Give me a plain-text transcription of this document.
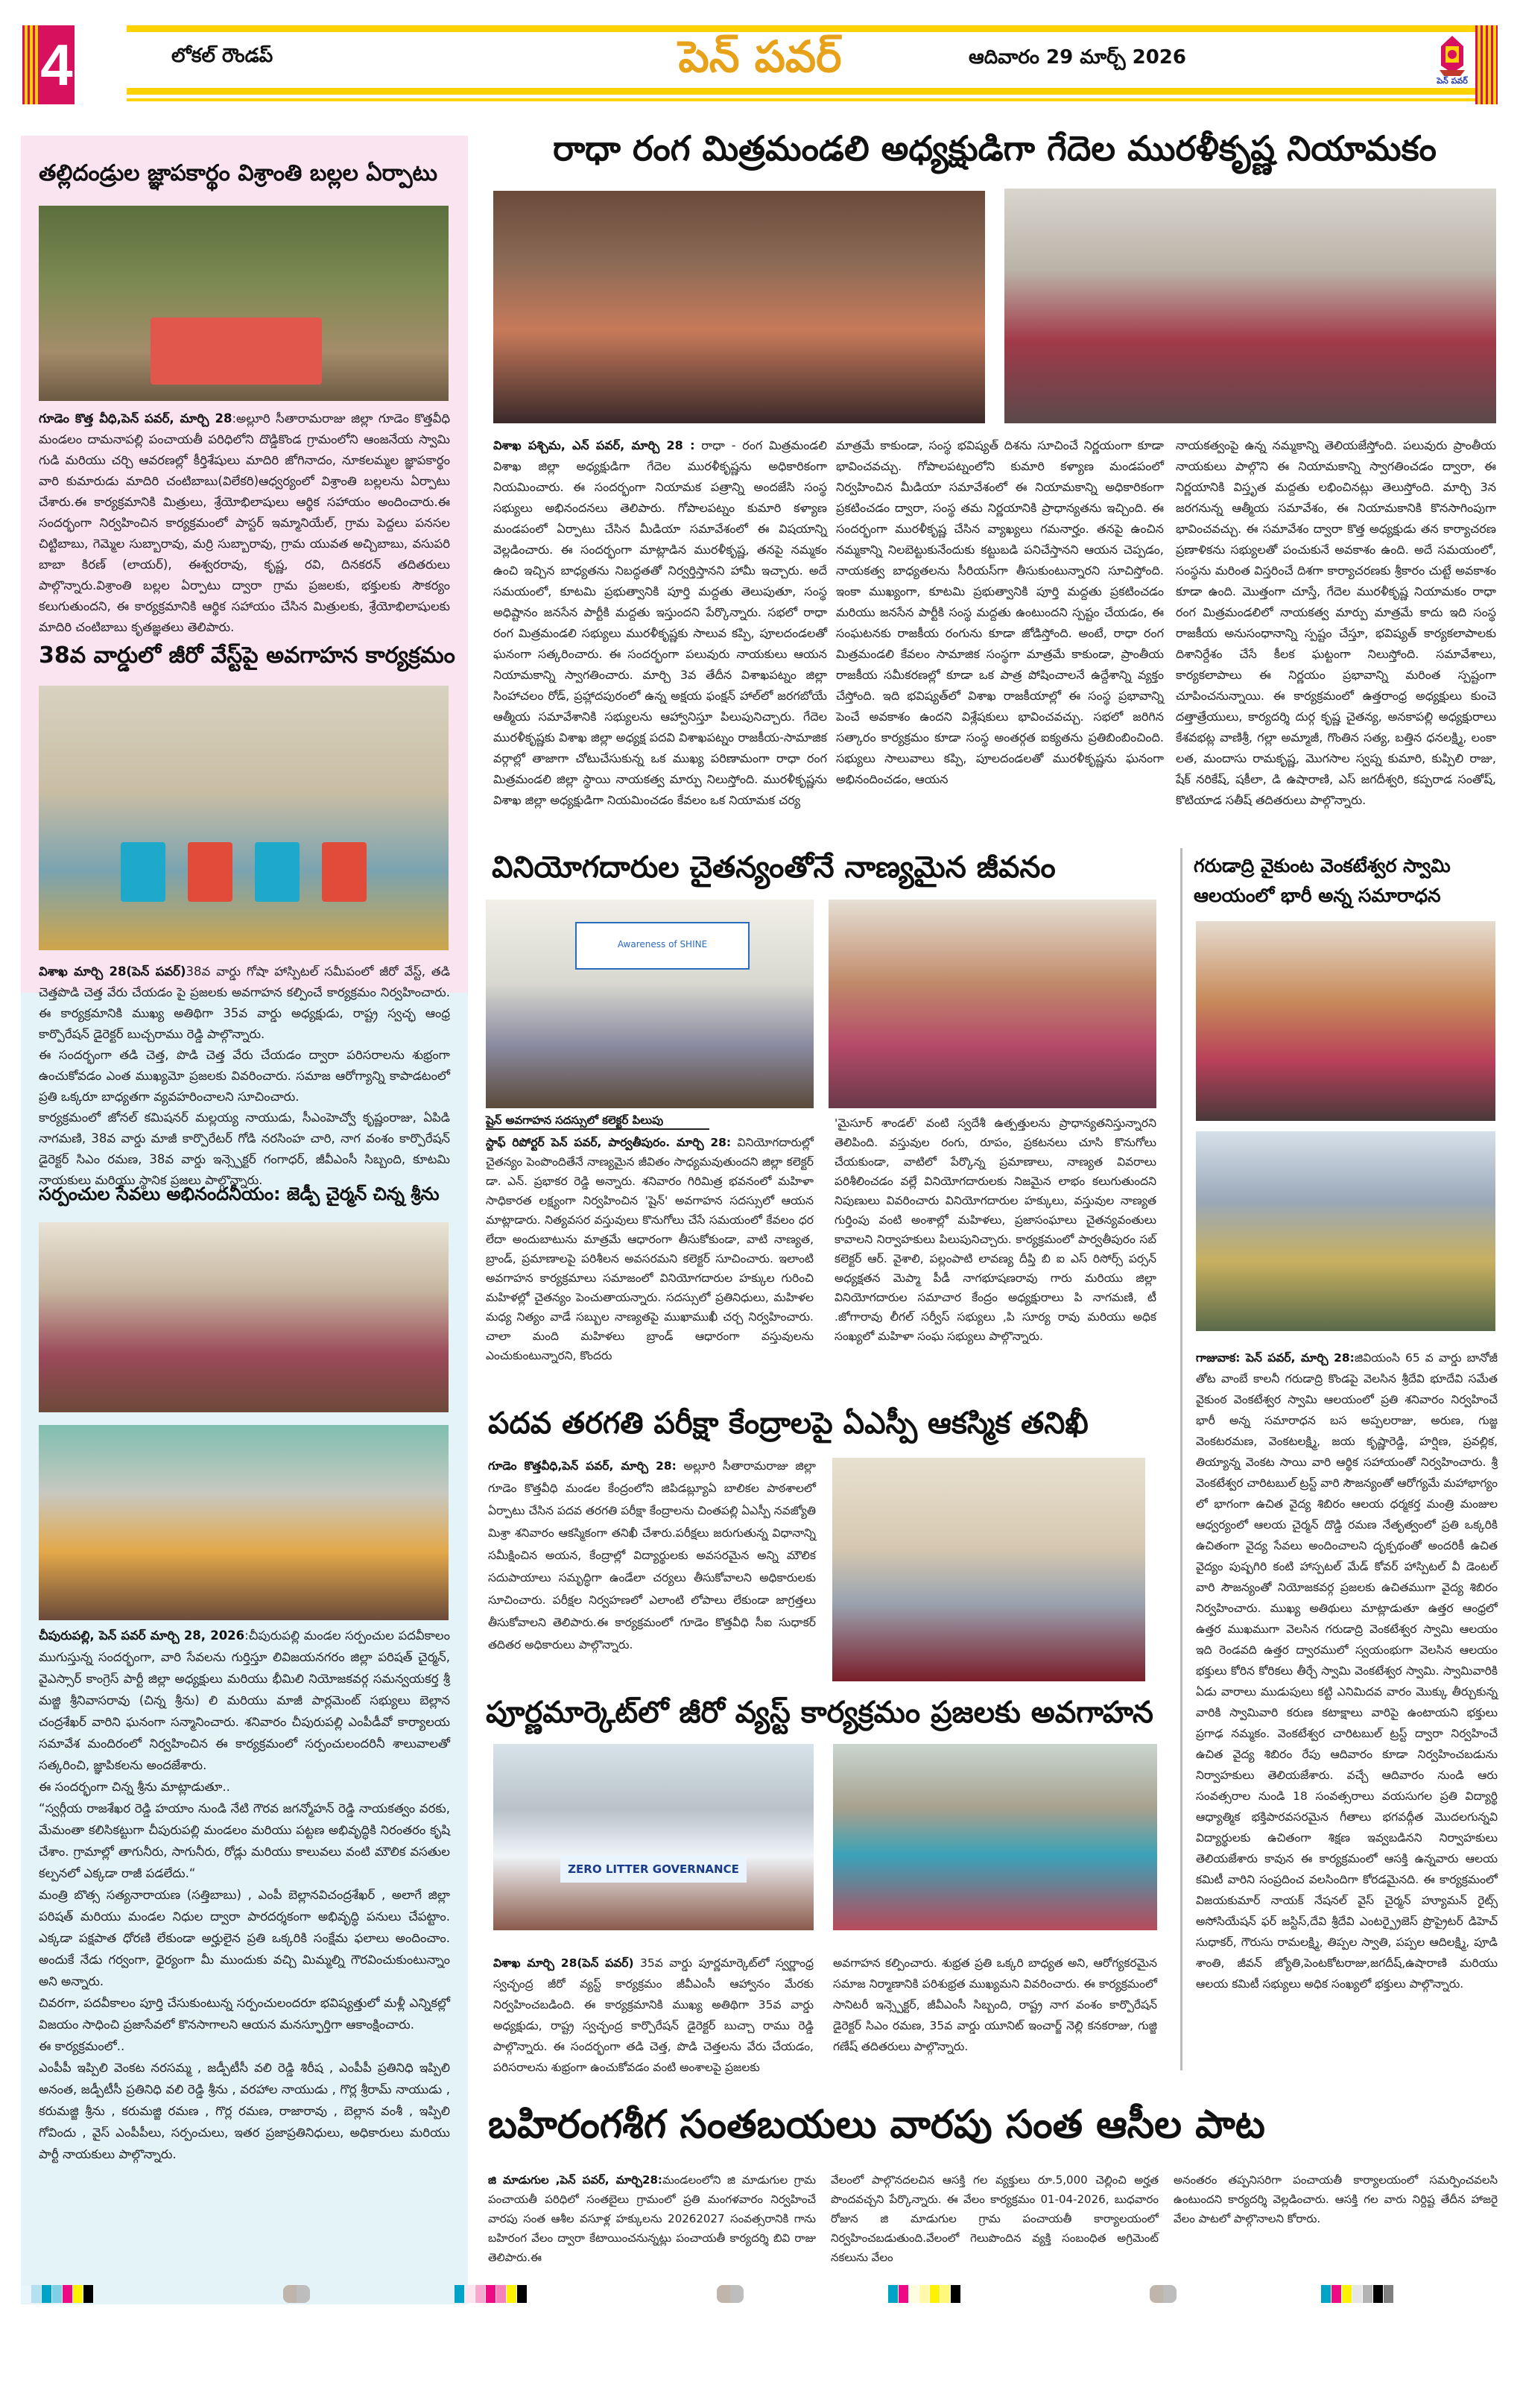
4	లోకల్ రౌండప్	పెన్ పవర్	ఆదివారం 29 మార్చ్ 2026
పెన్ పవర్
తల్లిదండ్రుల జ్ఞాపకార్థం విశ్రాంతి బల్లల ఏర్పాటు
గూడెం కొత్త వీధి,పెన్ పవర్, మార్చి 28:అల్లూరి సీతారామరాజు జిల్లా గూడెం కొత్తవీధి మండలం దామనాపల్లి పంచాయతీ పరిధిలోని దొడ్డికొండ గ్రామంలోని ఆంజనేయ స్వామి గుడి మరియు చర్చి ఆవరణల్లో కీర్తిశేషులు మాదిరి జోగినాదం, నూకలమ్మల జ్ఞాపకార్థం వారి కుమారుడు మాదిరి చంటిబాబు(విలేకరి)ఆధ్వర్యంలో విశ్రాంతి బల్లలను ఏర్పాటు చేశారు.ఈ కార్యక్రమానికి మిత్రులు, శ్రేయోభిలాషులు ఆర్థిక సహాయం అందించారు.ఈ సందర్భంగా నిర్వహించిన కార్యక్రమంలో పాస్టర్ ఇమ్మానియేల్, గ్రామ పెద్దలు పనసల చిట్టిబాబు, గెమ్మెల సుబ్బారావు, మర్రి సుబ్బారావు, గ్రామ యువత అచ్చిబాబు, వసుపరి బాబా కిరణ్ (లాయర్), ఈశ్వరరావు, కృష్ణ, రవి, దినకరన్ తదితరులు పాల్గొన్నారు.విశ్రాంతి బల్లల ఏర్పాటు ద్వారా గ్రామ ప్రజలకు, భక్తులకు సౌకర్యం కలుగుతుందని, ఈ కార్యక్రమానికి ఆర్థిక సహాయం చేసిన మిత్రులకు, శ్రేయోభిలాషులకు మాదిరి చంటిబాబు కృతజ్ఞతలు తెలిపారు.
38వ వార్డులో జీరో వేస్ట్‌పై అవగాహన కార్యక్రమం
విశాఖ మార్చి 28(పెన్ పవర్)38వ వార్డు గోషా హాస్పిటల్ సమీపంలో జీరో వేస్ట్, తడి చెత్తపొడి చెత్త వేరు చేయడం పై ప్రజలకు అవగాహన కల్పించే కార్యక్రమం నిర్వహించారు. ఈ కార్యక్రమానికి ముఖ్య అతిథిగా 35వ వార్డు అధ్యక్షుడు, రాష్ట్ర స్వచ్ఛ ఆంధ్ర కార్పొరేషన్ డైరెక్టర్ బుచ్చరాము రెడ్డి పాల్గొన్నారు.
ఈ సందర్భంగా తడి చెత్త, పొడి చెత్త వేరు చేయడం ద్వారా పరిసరాలను శుభ్రంగా ఉంచుకోవడం ఎంత ముఖ్యమో ప్రజలకు వివరించారు. సమాజ ఆరోగ్యాన్ని కాపాడటంలో ప్రతి ఒక్కరూ బాధ్యతగా వ్యవహరించాలని సూచించారు.
కార్యక్రమంలో జోనల్ కమిషనర్ మల్లయ్య నాయుడు, సీఎంహెచ్వో కృష్ణంరాజు, ఏపిడి నాగమణి, 38వ వార్డు మాజీ కార్పొరేటర్ గోడి నరసింహ చారి, నాగ వంశం కార్పొరేషన్ డైరెక్టర్ సిఎం రమణ, 38వ వార్డు ఇన్స్పెక్టర్ గంగాధర్, జీవీఎంసీ సిబ్బంది, కూటమి నాయకులు మరియు స్థానిక ప్రజలు పాల్గొన్నారు.
సర్పంచుల సేవలు అభినందనీయం: జెడ్పీ చైర్మన్ చిన్న శ్రీను
చీపురుపల్లి, పెన్ పవర్ మార్చి 28, 2026:చీపురుపల్లి మండల సర్పంచుల పదవీకాలం ముగుస్తున్న సందర్భంగా, వారి సేవలను గుర్తిస్తూ లివిజయనగరం జిల్లా పరిషత్ చైర్మన్, వైఎస్సార్ కాంగ్రెస్ పార్టీ జిల్లా అధ్యక్షులు మరియు భీమిలి నియోజకవర్గ సమన్వయకర్త శ్రీ మజ్జి శ్రీనివాసరావు (చిన్న శ్రీను) లి మరియు మాజీ పార్లమెంట్ సభ్యులు బెల్లాన చంద్రశేఖర్ వారిని ఘనంగా సన్మానించారు. శనివారం చీపురుపల్లి ఎంపీడీవో కార్యాలయ సమావేశ మందిరంలో నిర్వహించిన ఈ కార్యక్రమంలో సర్పంచులందరినీ శాలువాలతో సత్కరించి, జ్ఞాపికలను అందజేశారు.
ఈ సందర్భంగా చిన్న శ్రీను మాట్లాడుతూ..
“స్వర్గీయ రాజశేఖర రెడ్డి హయాం నుండి నేటి గౌరవ జగన్మోహన్ రెడ్డి నాయకత్వం వరకు, మేమంతా కలిసికట్టుగా చీపురుపల్లి మండలం మరియు పట్టణ అభివృద్ధికి నిరంతరం కృషి చేశాం. గ్రామాల్లో తాగునీరు, సాగునీరు, రోడ్లు మరియు కాలువలు వంటి మౌలిక వసతుల కల్పనలో ఎక్కడా రాజీ పడలేదు.“
మంత్రి బొత్స సత్యనారాయణ (సత్తిబాబు) , ఎంపీ బెల్లానవిచంద్రశేఖర్ , అలాగే జిల్లా పరిషత్ మరియు మండల నిధుల ద్వారా పారదర్శకంగా అభివృద్ధి పనులు చేపట్టాం. ఎక్కడా పక్షపాత ధోరణి లేకుండా అర్హులైన ప్రతి ఒక్కరికి సంక్షేమ ఫలాలు అందించాం. అందుకే నేడు గర్వంగా, ధైర్యంగా మీ ముందుకు వచ్చి మిమ్మల్ని గౌరవించుకుంటున్నాం అని అన్నారు.
చివరగా, పదవీకాలం పూర్తి చేసుకుంటున్న సర్పంచులందరూ భవిష్యత్తులో మళ్లీ ఎన్నికల్లో విజయం సాధించి ప్రజాసేవలో కొనసాగాలని ఆయన మనస్ఫూర్తిగా ఆకాంక్షించారు.
ఈ కార్యక్రమంలో..
ఎంపీపీ ఇప్పిలి వెంకట నరసమ్మ , జడ్పీటీసీ వలి రెడ్డి శిరీష , ఎంపీపీ ప్రతినిధి ఇప్పిలి అనంత, జడ్పీటీసీ ప్రతినిధి వలి రెడ్డి శ్రీను , వరహాల నాయుడు , గొర్ల శ్రీరామ్ నాయుడు , కరుమజ్జి శ్రీను , కరుమజ్జి రమణ , గొర్ల రమణ, రాజారావు , బెల్లాన వంశీ , ఇప్పిలి గోవిందు , వైస్ ఎంపీపీలు, సర్పంచులు, ఇతర ప్రజాప్రతినిధులు, అధికారులు మరియు పార్టీ నాయకులు పాల్గొన్నారు.
రాధా రంగ మిత్రమండలి అధ్యక్షుడిగా గేదెల మురళీకృష్ణ నియామకం
విశాఖ పశ్చిమ, ఎన్ పవర్, మార్చి 28 : రాధా - రంగ మిత్రమండలి విశాఖ జిల్లా అధ్యక్షుడిగా గేదెల మురళీకృష్ణను అధికారికంగా నియమించారు. ఈ సందర్భంగా నియామక పత్రాన్ని అందజేసి సంస్థ సభ్యులు అభినందనలు తెలిపారు. గోపాలపట్నం కుమారి కళ్యాణ మండపంలో ఏర్పాటు చేసిన మీడియా సమావేశంలో ఈ విషయాన్ని వెల్లడించారు. ఈ సందర్భంగా మాట్లాడిన మురళీకృష్ణ, తనపై నమ్మకం ఉంచి ఇచ్చిన బాధ్యతను నిబద్ధతతో నిర్వర్తిస్తానని హామీ ఇచ్చారు. అదే సమయంలో, కూటమి ప్రభుత్వానికి పూర్తి మద్దతు తెలుపుతూ, సంస్థ అధిష్టానం జనసేన పార్టీకి మద్దతు ఇస్తుందని పేర్కొన్నారు. సభలో రాధా రంగ మిత్రమండలి సభ్యులు మురళీకృష్ణకు సాలువ కప్పి, పూలదండలతో ఘనంగా సత్కరించారు. ఈ సందర్భంగా పలువురు నాయకులు ఆయన నియామకాన్ని స్వాగతించారు. మార్చి 3వ తేదీన విశాఖపట్నం జిల్లా సింహాచలం రోడ్, ప్రహ్లాదపురంలో ఉన్న అక్షయ ఫంక్షన్ హాల్‌లో జరగబోయే ఆత్మీయ సమావేశానికి సభ్యులను ఆహ్వానిస్తూ పిలుపునిచ్చారు. గేదెల మురళీకృష్ణకు విశాఖ జిల్లా అధ్యక్ష పదవి విశాఖపట్నం రాజకీయ-సామాజిక వర్గాల్లో తాజాగా చోటుచేసుకున్న ఒక ముఖ్య పరిణామంగా రాధా రంగ మిత్రమండలి జిల్లా స్థాయి నాయకత్వ మార్పు నిలుస్తోంది. మురళీకృష్ణను విశాఖ జిల్లా అధ్యక్షుడిగా నియమించడం కేవలం ఒక నియామక చర్య
మాత్రమే కాకుండా, సంస్థ భవిష్యత్ దిశను సూచించే నిర్ణయంగా కూడా భావించవచ్చు. గోపాలపట్నంలోని కుమారి కళ్యాణ మండపంలో నిర్వహించిన మీడియా సమావేశంలో ఈ నియామకాన్ని అధికారికంగా ప్రకటించడం ద్వారా, సంస్థ తమ నిర్ణయానికి ప్రాధాన్యతను ఇచ్చింది. ఈ సందర్భంగా మురళీకృష్ణ చేసిన వ్యాఖ్యలు గమనార్హం. తనపై ఉంచిన నమ్మకాన్ని నిలబెట్టుకునేందుకు కట్టుబడి పనిచేస్తానని ఆయన చెప్పడం, నాయకత్వ బాధ్యతలను సీరియస్‌గా తీసుకుంటున్నారని సూచిస్తోంది. ఇంకా ముఖ్యంగా, కూటమి ప్రభుత్వానికి పూర్తి మద్దతు ప్రకటించడం మరియు జనసేన పార్టీకి సంస్థ మద్దతు ఉంటుందని స్పష్టం చేయడం, ఈ సంఘటనకు రాజకీయ రంగును కూడా జోడిస్తోంది. అంటే, రాధా రంగ మిత్రమండలి కేవలం సామాజిక సంస్థగా మాత్రమే కాకుండా, ప్రాంతీయ రాజకీయ సమీకరణల్లో కూడా ఒక పాత్ర పోషించాలనే ఉద్దేశాన్ని వ్యక్తం చేస్తోంది. ఇది భవిష్యత్‌లో విశాఖ రాజకీయాల్లో ఈ సంస్థ ప్రభావాన్ని పెంచే అవకాశం ఉందని విశ్లేషకులు భావించవచ్చు. సభలో జరిగిన సత్కారం కార్యక్రమం కూడా సంస్థ అంతర్గత ఐక్యతను ప్రతిబింబించింది. సభ్యులు సాలువాలు కప్పి, పూలదండలతో మురళీకృష్ణను ఘనంగా అభినందించడం, ఆయన
నాయకత్వంపై ఉన్న నమ్మకాన్ని తెలియజేస్తోంది. పలువురు ప్రాంతీయ నాయకులు పాల్గొని ఈ నియామకాన్ని స్వాగతించడం ద్వారా, ఈ నిర్ణయానికి విస్తృత మద్దతు లభించినట్లు తెలుస్తోంది. మార్చి 3న జరగనున్న ఆత్మీయ సమావేశం, ఈ నియామకానికి కొనసాగింపుగా భావించవచ్చు. ఈ సమావేశం ద్వారా కొత్త అధ్యక్షుడు తన కార్యాచరణ ప్రణాళికను సభ్యులతో పంచుకునే అవకాశం ఉంది. అదే సమయంలో, సంస్థను మరింత విస్తరించే దిశగా కార్యాచరణకు శ్రీకారం చుట్టే అవకాశం కూడా ఉంది. మొత్తంగా చూస్తే, గేదెల మురళీకృష్ణ నియామకం రాధా రంగ మిత్రమండలిలో నాయకత్వ మార్పు మాత్రమే కాదు ఇది సంస్థ రాజకీయ అనుసంధానాన్ని స్పష్టం చేస్తూ, భవిష్యత్ కార్యకలాపాలకు దిశానిర్దేశం చేసే కీలక ఘట్టంగా నిలుస్తోంది. సమావేశాలు, కార్యకలాపాలు ఈ నిర్ణయం ప్రభావాన్ని మరింత స్పష్టంగా చూపించనున్నాయి. ఈ కార్యక్రమంలో ఉత్తరాంధ్ర అధ్యక్షులు కుంచె దత్తాత్రేయులు, కార్యదర్శి దుర్గ కృష్ణ చైతన్య, అనకాపల్లి అధ్యక్షురాలు కేశవభట్ల వాణిశ్రీ, గల్లా అమ్మాజీ, గొంతిన సత్య, బత్తిన ధనలక్ష్మి, లంకా లత, మందాసు రామకృష్ణ, మొగసాల స్వప్న కుమారి, కుప్పిలి రాజు, షేక్ నరికేష్, షకీలా, డి ఉషారాణి, ఎస్ జగదీశ్వరి, కప్పరాడ సంతోష్, కొటియాడ సతీష్ తదితరులు పాల్గొన్నారు.
వినియోగదారుల చైతన్యంతోనే నాణ్యమైన జీవనం
Awareness of SHINE
షైన్ అవగాహన సదస్సులో కలెక్టర్ పిలుపు
స్టాఫ్ రిపోర్టర్ పెన్ పవర్, పార్వతీపురం. మార్చి 28: వినియోగదారుల్లో చైతన్యం పెంపొందితేనే నాణ్యమైన జీవితం సాధ్యమవుతుందని జిల్లా కలెక్టర్ డా. ఎన్. ప్రభాకర రెడ్డి అన్నారు. శనివారం గిరిమిత్ర భవనంలో మహిళా సాధికారత లక్ష్యంగా నిర్వహించిన 'షైన్' అవగాహన సదస్సులో ఆయన మాట్లాడారు. నిత్యవసర వస్తువులు కొనుగోలు చేసే సమయంలో కేవలం ధర లేదా అందుబాటును మాత్రమే ఆధారంగా తీసుకోకుండా, వాటి నాణ్యత, బ్రాండ్, ప్రమాణాలపై పరిశీలన అవసరమని కలెక్టర్ సూచించారు. ఇలాంటి అవగాహన కార్యక్రమాలు సమాజంలో వినియోగదారుల హక్కుల గురించి మహిళల్లో చైతన్యం పెంచుతాయన్నారు. సదస్సులో ప్రతినిధులు, మహిళల మధ్య నిత్యం వాడే సబ్బుల నాణ్యతపై ముఖాముఖీ చర్చ నిర్వహించారు. చాలా మంది మహిళలు బ్రాండ్ ఆధారంగా వస్తువులను ఎంచుకుంటున్నారని, కొందరు
'మైసూర్ శాండల్' వంటి స్వదేశీ ఉత్పత్తులను ప్రాధాన్యతనిస్తున్నారని తెలిపింది. వస్తువుల రంగు, రూపం, ప్రకటనలు చూసి కొనుగోలు చేయకుండా, వాటిలో పేర్కొన్న ప్రమాణాలు, నాణ్యత వివరాలు పరిశీలించడం వల్లే వినియోగదారులకు నిజమైన లాభం కలుగుతుందని నిపుణులు వివరించారు వినియోగదారుల హక్కులు, వస్తువుల నాణ్యత గుర్తింపు వంటి అంశాల్లో మహిళలు, ప్రజాసంఘాలు చైతన్యవంతులు కావాలని నిర్వాహకులు పిలుపునిచ్చారు. కార్యక్రమంలో పార్వతీపురం సబ్ కలెక్టర్ ఆర్. వైశాలి, పల్లంపాటి లావణ్య దీప్తి బి ఐ ఎస్ రిసోర్స్ పర్సన్ అధ్యక్షతన మెప్మా పీడీ నాగభూషణరావు గారు మరియు జిల్లా వినియోగదారుల సమాచార కేంద్రం అధ్యక్షురాలు పి నాగమణి, టీ .జోగారావు లీగల్ సర్వీస్ సభ్యులు ,పి సూర్య రావు మరియు అధిక సంఖ్యలో మహిళా సంఘ సభ్యులు పాల్గొన్నారు.
పదవ తరగతి పరీక్షా కేంద్రాలపై ఏఎస్పీ ఆకస్మిక తనిఖీ
గూడెం కొత్తవీధి,పెన్ పవర్, మార్చి 28: అల్లూరి సీతారామరాజు జిల్లా గూడెం కొత్తవీధి మండల కేంద్రంలోని జిపిడబ్ల్యూఏ బాలికల పాఠశాలలో ఏర్పాటు చేసిన పదవ తరగతి పరీక్షా కేంద్రాలను చింతపల్లి ఏఎస్పీ నవజ్యోతి మిశ్రా శనివారం ఆకస్మికంగా తనిఖీ చేశారు.పరీక్షలు జరుగుతున్న విధానాన్ని సమీక్షించిన అయన, కేంద్రాల్లో విద్యార్థులకు అవసరమైన అన్ని మౌలిక సదుపాయాలు సమృద్ధిగా ఉండేలా చర్యలు తీసుకోవాలని అధికారులకు సూచించారు. పరీక్షల నిర్వహణలో ఎలాంటి లోపాలు లేకుండా జాగ్రత్తలు తీసుకోవాలని తెలిపారు.ఈ కార్యక్రమంలో గూడెం కొత్తవీధి సీఐ సుధాకర్ తదితర అధికారులు పాల్గొన్నారు.
పూర్ణమార్కెట్‌లో జీరో వ్యస్ట్ కార్యక్రమం ప్రజలకు అవగాహన
ZERO LITTER GOVERNANCE
విశాఖ మార్చి 28(పెన్ పవర్) 35వ వార్డు పూర్ణమార్కెట్‌లో స్వర్ణాంధ్ర స్వచ్ఛంద్ర జీరో వ్యస్ట్ కార్యక్రమం జీవీఎంసీ ఆహ్వానం మేరకు నిర్వహించబడింది. ఈ కార్యక్రమానికి ముఖ్య అతిథిగా 35వ వార్డు అధ్యక్షుడు, రాష్ట్ర స్వచ్ఛంద్ర కార్పొరేషన్ డైరెక్టర్ బుచ్చా రాము రెడ్డి పాల్గొన్నారు. ఈ సందర్భంగా తడి చెత్త, పొడి చెత్తలను వేరు చేయడం, పరిసరాలను శుభ్రంగా ఉంచుకోవడం వంటి అంశాలపై ప్రజలకు
అవగాహన కల్పించారు. శుభ్రత ప్రతి ఒక్కరి బాధ్యత అని, ఆరోగ్యకరమైన సమాజ నిర్మాణానికి పరిశుభ్రత ముఖ్యమని వివరించారు. ఈ కార్యక్రమంలో సానిటరీ ఇన్స్పెక్టర్, జీవీఎంసీ సిబ్బంది, రాష్ట్ర నాగ వంశం కార్పొరేషన్ డైరెక్టర్ సిఎం రమణ, 35వ వార్డు యూనిట్ ఇంచార్జ్ నెల్లి కనకరాజు, గుజ్జి గణేష్ తదితరులు పాల్గొన్నారు.
గరుడాద్రి వైకుంట వెంకటేశ్వర స్వామి ఆలయంలో భారీ అన్న సమారాధన
గాజువాక: పెన్ పవర్, మార్చి 28:జివియంసి 65 వ వార్డు బానోజీ తోట వాంబే కాలనీ గరుడాద్రి కొండపై వెలసిన శ్రీదేవి భూదేవి సమేత వైకుంఠ వెంకటేశ్వర స్వామి ఆలయంలో ప్రతి శనివారం నిర్వహించే భారీ అన్న సమారాధన బస అప్పలరాజు, అరుణ, గుజ్జ వెంకటరమణ, వెంకటలక్ష్మి, జయ కృష్ణారెడ్డి, హర్షిణ, ప్రవల్లిక, తియ్యాన్న వెంకట సాయి వారి ఆర్థిక సహాయంతో నిర్వహించారు. శ్రీ వెంకటేశ్వర చారిటబుల్ ట్రస్ట్ వారి సౌజన్యంతో ఆరోగ్యమే మహాభాగ్యం లో భాగంగా ఉచిత వైద్య శిబిరం ఆలయ ధర్మకర్త మంత్రి మంజుల ఆధ్వర్యంలో ఆలయ చైర్మన్ దొడ్డి రమణ నేతృత్వంలో ప్రతి ఒక్కరికి ఉచితంగా వైద్య సేవలు అందించాలని దృక్పథంతో అందరికీ ఉచిత వైద్యం పుష్పగిరి కంటి హాస్పటల్ మేడ్ కోవర్ హాస్పిటల్ వీ డెంటల్ వారి సౌజన్యంతో నియోజకవర్గ ప్రజలకు ఉచితముగా వైద్య శిబిరం నిర్వహించారు. ముఖ్య అతిథులు మాట్లాడుతూ ఉత్తర ఆంధ్రలో ఉత్తర ముఖముగా వెలసిన గరుడాద్రి వెంకటేశ్వర స్వామి ఆలయం ఇది రెండవది ఉత్తర ద్వారములో స్వయంభుగా వెలసిన ఆలయం భక్తులు కోరిన కోరికలు తీర్చే స్వామి వెంకటేశ్వర స్వామి. స్వామివారికి ఏడు వారాలు ముడుపులు కట్టి ఎనిమిదవ వారం మొక్కు తీర్చుకున్న వారికి స్వామివారి కరుణ కటాక్షాలు వారిపై ఉంటాయని భక్తులు ప్రగాఢ నమ్మకం. వెంకటేశ్వర చారిటబుల్ ట్రస్ట్ ద్వారా నిర్వహించే ఉచిత వైద్య శిబిరం రేపు ఆదివారం కూడా నిర్వహించబడును నిర్వాహకులు తెలియజేశారు. వచ్చే ఆదివారం నుండి ఆరు సంవత్సరాల నుండి 18 సంవత్సరాలు వయసుగల ప్రతి విద్యార్థి ఆధ్యాత్మిక భక్తిపారవసరమైన గీతాలు భగవద్గీత మొదలగున్నవి విద్యార్థులకు ఉచితంగా శిక్షణ ఇవ్వబడినని నిర్వాహకులు తెలియజేశారు కావున ఈ కార్యక్రమంలో ఆసక్తి ఉన్నవారు ఆలయ కమిటీ వారిని సంప్రదించ వలసిందిగా కోరడమైనది. ఈ కార్యక్రమంలో విజయకుమార్ నాయక్ నేషనల్ వైస్ చైర్మన్ హ్యూమన్ రైట్స్ అసోసియేషన్ ఫర్ జస్టిస్,దేవి శ్రీదేవి ఎంటర్ప్రైజెస్ ప్రొప్రైటర్ డిహెచ్ సుధాకర్, గౌరుసు రామలక్ష్మి, తిప్పల స్వాతి, పప్పల ఆదిలక్ష్మి, పూడి శాంతి, జీవన్ జ్యోతి,పెంటకోటరాజు,జగదీష్,ఉషారాణి మరియు ఆలయ కమిటీ సభ్యులు అధిక సంఖ్యలో భక్తులు పాల్గొన్నారు.
బహిరంగశీగ సంతబయలు వారపు సంత ఆసీల పాట
జి మాడుగుల ,పెన్ పవర్, మార్చి28:మండలంలోని జి మాడుగుల గ్రామ పంచాయతీ పరిధిలో సంతబైలు గ్రామంలో ప్రతి మంగళవారం నిర్వహించే వారపు సంత ఆశీల వసూళ్ల హక్కులను 20262027 సంవత్సరానికి గాను బహిరంగ వేలం ద్వారా కేటాయించనున్నట్లు పంచాయతీ కార్యదర్శి బివి రాజు తెలిపారు.ఈ
వేలంలో పాల్గొనదలచిన ఆసక్తి గల వ్యక్తులు రూ.5,000 చెల్లించి అర్హత పొందవచ్చని పేర్కొన్నారు. ఈ వేలం కార్యక్రమం 01-04-2026, బుధవారం రోజున జి మాడుగుల గ్రామ పంచాయతీ కార్యాలయంలో నిర్వహించబడుతుంది.వేలంలో గెలుపొందిన వ్యక్తి సంబంధిత అగ్రిమెంట్ నకలును వేలం
అనంతరం తప్పనిసరిగా పంచాయతీ కార్యాలయంలో సమర్పించవలసి ఉంటుందని కార్యదర్శి వెల్లడించారు. ఆసక్తి గల వారు నిర్దిష్ట తేదీన హాజరై వేలం పాటలో పాల్గొనాలని కోరారు.
